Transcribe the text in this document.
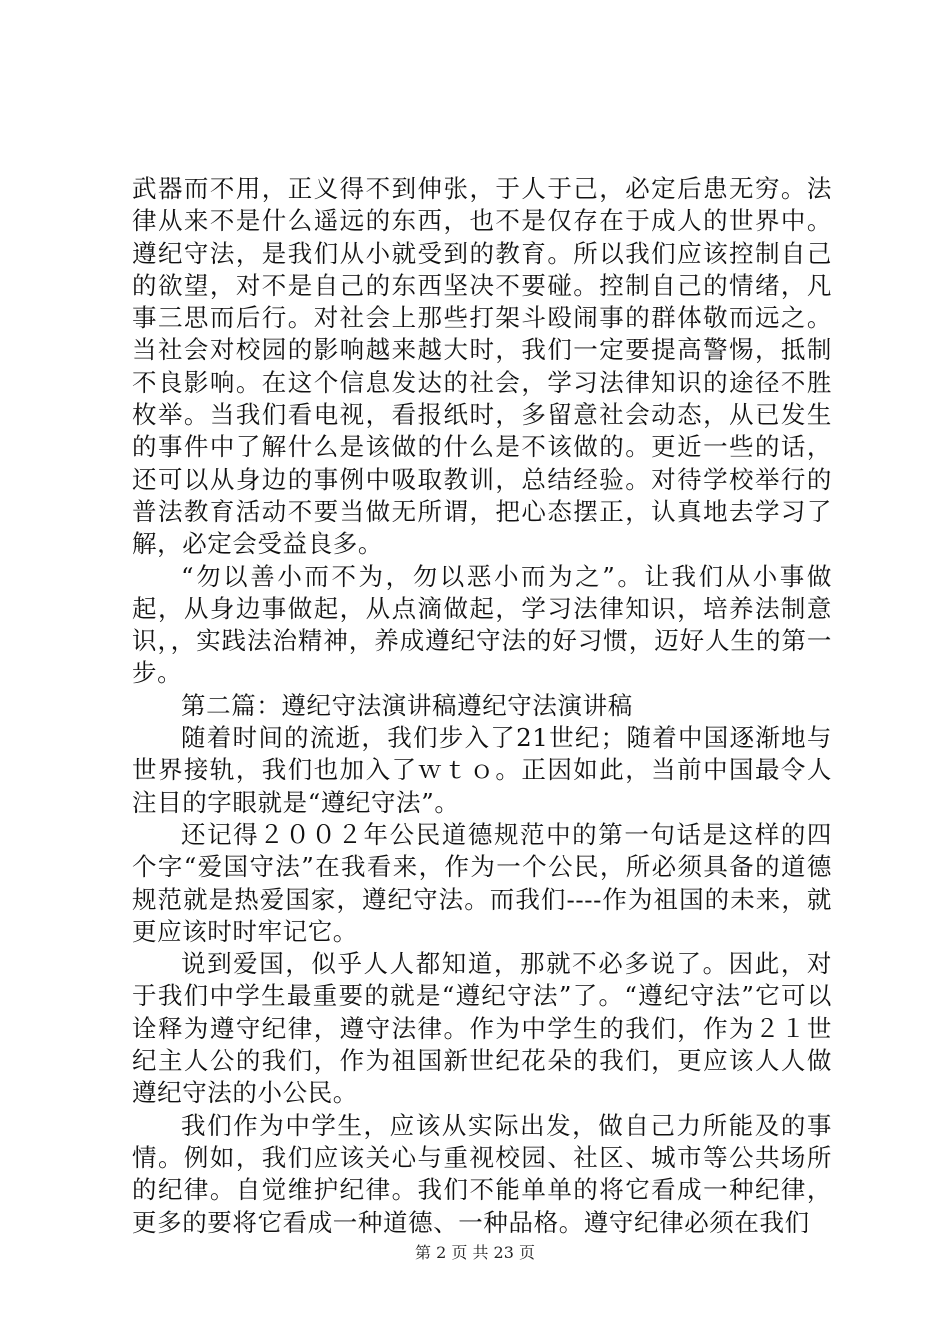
武器而不用，正义得不到伸张，于人于己，必定后患无穷。法律从来不是什么遥远的东西，也不是仅存在于成人的世界中。遵纪守法，是我们从小就受到的教育。所以我们应该控制自己的欲望，对不是自己的东西坚决不要碰。控制自己的情绪，凡事三思而后行。对社会上那些打架斗殴闹事的群体敬而远之。当社会对校园的影响越来越大时，我们一定要提高警惕，抵制不良影响。在这个信息发达的社会，学习法律知识的途径不胜枚举。当我们看电视，看报纸时，多留意社会动态，从已发生的事件中了解什么是该做的什么是不该做的。更近一些的话，还可以从身边的事例中吸取教训，总结经验。对待学校举行的普法教育活动不要当做无所谓，把心态摆正，认真地去学习了解，必定会受益良多。

“勿以善小而不为，勿以恶小而为之”。让我们从小事做起，从身边事做起，从点滴做起，学习法律知识，培养法制意识，，实践法治精神，养成遵纪守法的好习惯，迈好人生的第一步。

第二篇：遵纪守法演讲稿遵纪守法演讲稿

随着时间的流逝，我们步入了21世纪；随着中国逐渐地与世界接轨，我们也加入了ｗｔｏ。正因如此，当前中国最令人注目的字眼就是“遵纪守法”。

还记得２００２年公民道德规范中的第一句话是这样的四个字“爱国守法”在我看来，作为一个公民，所必须具备的道德规范就是热爱国家，遵纪守法。而我们----作为祖国的未来，就更应该时时牢记它。

说到爱国，似乎人人都知道，那就不必多说了。因此，对于我们中学生最重要的就是“遵纪守法”了。“遵纪守法”它可以诠释为遵守纪律，遵守法律。作为中学生的我们，作为２１世纪主人公的我们，作为祖国新世纪花朵的我们，更应该人人做遵纪守法的小公民。

我们作为中学生，应该从实际出发，做自己力所能及的事情。例如，我们应该关心与重视校园、社区、城市等公共场所的纪律。自觉维护纪律。我们不能单单的将它看成一种纪律，更多的要将它看成一种道德、一种品格。遵守纪律必须在我们

第 2 页 共 23 页
